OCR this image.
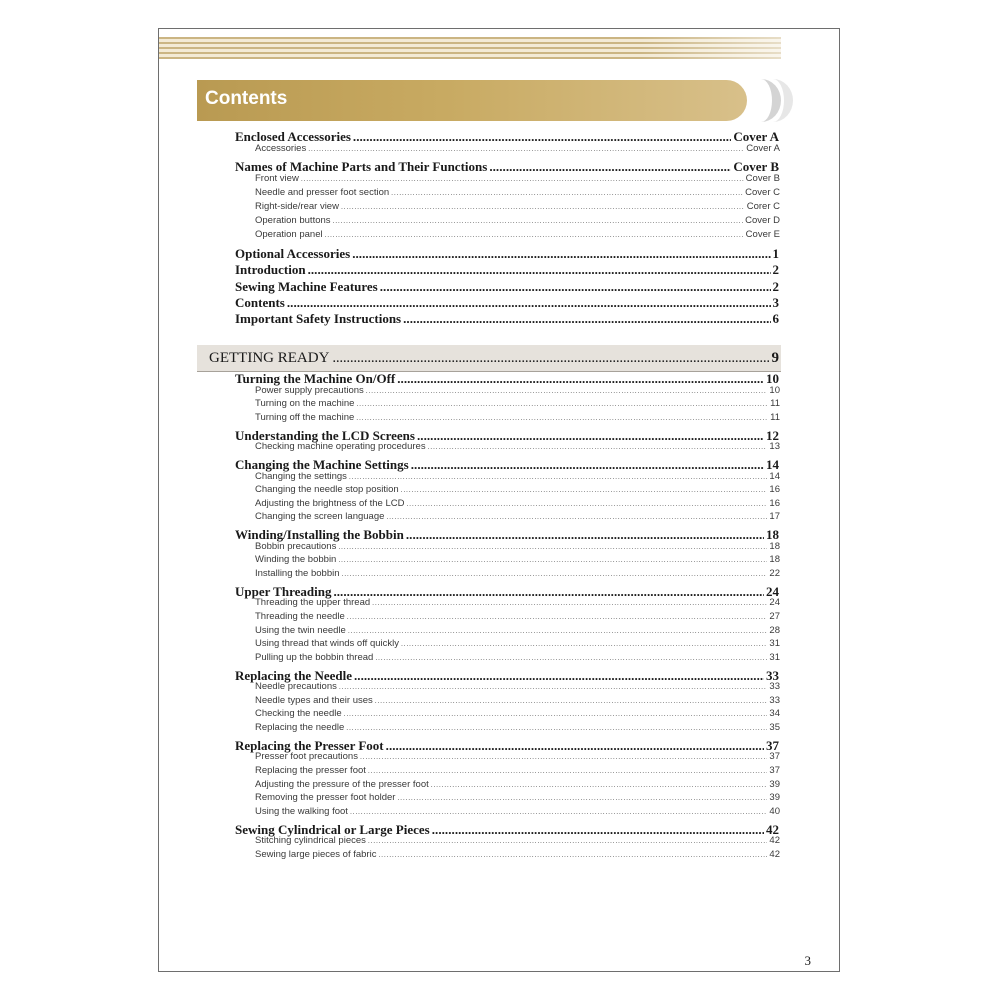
Contents
Enclosed Accessories . . .	Cover A
Accessories . . .	Cover A
Names of Machine Parts and Their Functions . . .	Cover B
Front view . . .	Cover B
Needle and presser foot section . . .	Cover C
Right-side/rear view . . .	Corer C
Operation buttons . . .	Cover D
Operation panel . . .	Cover E
Optional Accessories . . .	1
Introduction . . .	2
Sewing Machine Features . . .	2
Contents . . .	3
Important Safety Instructions . . .	6
GETTING READY . . .	9
Turning the Machine On/Off . . .	10
Power supply precautions . . .	10
Turning on the machine . . .	11
Turning off the machine . . .	11
Understanding the LCD Screens . . .	12
Checking machine operating procedures . . .	13
Changing the Machine Settings . . .	14
Changing the settings . . .	14
Changing the needle stop position . . .	16
Adjusting the brightness of the LCD . . .	16
Changing the screen language . . .	17
Winding/Installing the Bobbin . . .	18
Bobbin precautions . . .	18
Winding the bobbin . . .	18
Installing the bobbin . . .	22
Upper Threading . . .	24
Threading the upper thread . . .	24
Threading the needle . . .	27
Using the twin needle . . .	28
Using thread that winds off quickly . . .	31
Pulling up the bobbin thread . . .	31
Replacing the Needle . . .	33
Needle precautions . . .	33
Needle types and their uses . . .	33
Checking the needle . . .	34
Replacing the needle . . .	35
Replacing the Presser Foot . . .	37
Presser foot precautions . . .	37
Replacing the presser foot . . .	37
Adjusting the pressure of the presser foot . . .	39
Removing the presser foot holder . . .	39
Using the walking foot . . .	40
Sewing Cylindrical or Large Pieces . . .	42
Stitching cylindrical pieces . . .	42
Sewing large pieces of fabric . . .	42
3
